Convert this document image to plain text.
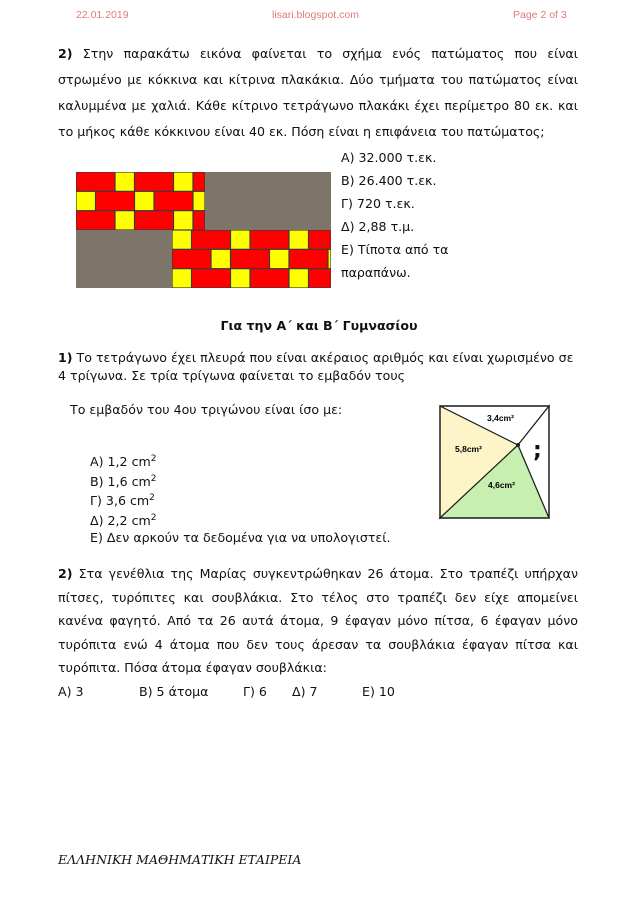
22.01.2019	lisari.blogspot.com	Page 2 of 3
2) Στην παρακάτω εικόνα φαίνεται το σχήμα ενός πατώματος που είναι στρωμένο με κόκκινα και κίτρινα πλακάκια. Δύο τμήματα του πατώματος είναι καλυμμένα με χαλιά. Κάθε κίτρινο τετράγωνο πλακάκι έχει περίμετρο 80 εκ. και το μήκος κάθε κόκκινου είναι 40 εκ. Πόση είναι η επιφάνεια του πατώματος;
Α) 32.000 τ.εκ.
Β) 26.400 τ.εκ.
Γ) 720 τ.εκ.
Δ) 2,88 τ.μ.
Ε) Τίποτα από τα
παραπάνω.
Για την Α΄ και Β΄ Γυμνασίου
1) Το τετράγωνο έχει πλευρά που είναι ακέραιος αριθμός και είναι χωρισμένο σε 4 τρίγωνα. Σε τρία τρίγωνα φαίνεται το εμβαδόν τους
Το εμβαδόν του 4ου τριγώνου είναι ίσο με:
Α) 1,2 $cm^2$
Β) 1,6 $cm^2$
Γ) 3,6 $cm^2$
Δ) 2,2 $cm^2$
Ε) Δεν αρκούν τα δεδομένα για να υπολογιστεί.
3,4cm²
5,8cm²
4,6cm²
;
2) Στα γενέθλια της Μαρίας συγκεντρώθηκαν 26 άτομα. Στο τραπέζι υπήρχαν πίτσες, τυρόπιτες και σουβλάκια. Στο τέλος στο τραπέζι δεν είχε απομείνει κανένα φαγητό. Από τα 26 αυτά άτομα, 9 έφαγαν μόνο πίτσα, 6 έφαγαν μόνο τυρόπιτα ενώ 4 άτομα που δεν τους άρεσαν τα σουβλάκια έφαγαν πίτσα και τυρόπιτα. Πόσα άτομα έφαγαν σουβλάκια:
Α) 3	Β) 5 άτομα	Γ) 6 Δ) 7	Ε) 10
ΕΛΛΗΝΙΚΗ ΜΑΘΗΜΑΤΙΚΗ ΕΤΑΙΡΕΙΑ
